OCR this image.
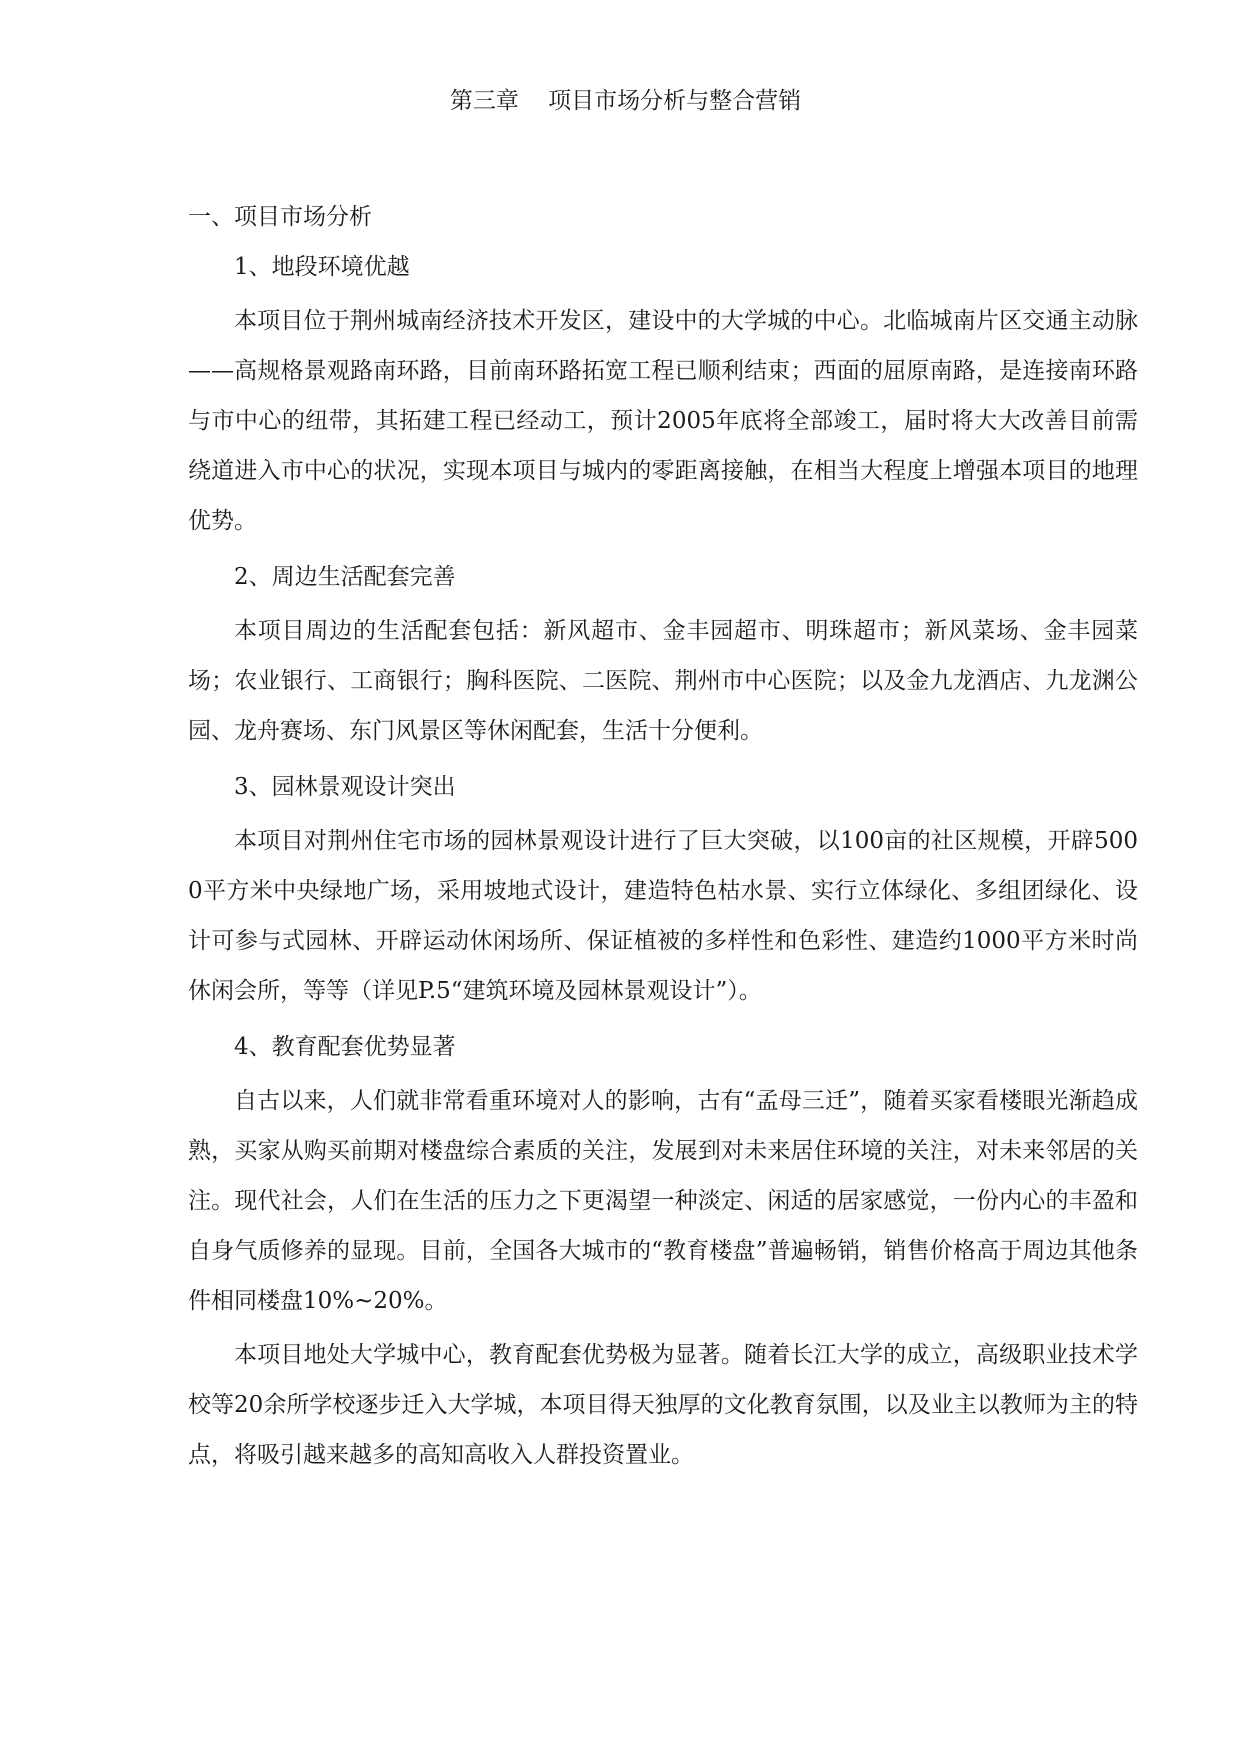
第三章    项目市场分析与整合营销

一、项目市场分析

1、地段环境优越

本项目位于荆州城南经济技术开发区，建设中的大学城的中心。北临城南片区交通主动脉——高规格景观路南环路，目前南环路拓宽工程已顺利结束；西面的屈原南路，是连接南环路与市中心的纽带，其拓建工程已经动工，预计2005年底将全部竣工，届时将大大改善目前需绕道进入市中心的状况，实现本项目与城内的零距离接触，在相当大程度上增强本项目的地理优势。

2、周边生活配套完善

本项目周边的生活配套包括：新风超市、金丰园超市、明珠超市；新风菜场、金丰园菜场；农业银行、工商银行；胸科医院、二医院、荆州市中心医院；以及金九龙酒店、九龙渊公园、龙舟赛场、东门风景区等休闲配套，生活十分便利。

3、园林景观设计突出

本项目对荆州住宅市场的园林景观设计进行了巨大突破，以100亩的社区规模，开辟5000平方米中央绿地广场，采用坡地式设计，建造特色枯水景、实行立体绿化、多组团绿化、设计可参与式园林、开辟运动休闲场所、保证植被的多样性和色彩性、建造约1000平方米时尚休闲会所，等等（详见P.5“建筑环境及园林景观设计”）。

4、教育配套优势显著

自古以来，人们就非常看重环境对人的影响，古有“孟母三迁”，随着买家看楼眼光渐趋成熟，买家从购买前期对楼盘综合素质的关注，发展到对未来居住环境的关注，对未来邻居的关注。现代社会，人们在生活的压力之下更渴望一种淡定、闲适的居家感觉，一份内心的丰盈和自身气质修养的显现。目前，全国各大城市的“教育楼盘”普遍畅销，销售价格高于周边其他条件相同楼盘10%~20%。

本项目地处大学城中心，教育配套优势极为显著。随着长江大学的成立，高级职业技术学校等20余所学校逐步迁入大学城，本项目得天独厚的文化教育氛围，以及业主以教师为主的特点，将吸引越来越多的高知高收入人群投资置业。
